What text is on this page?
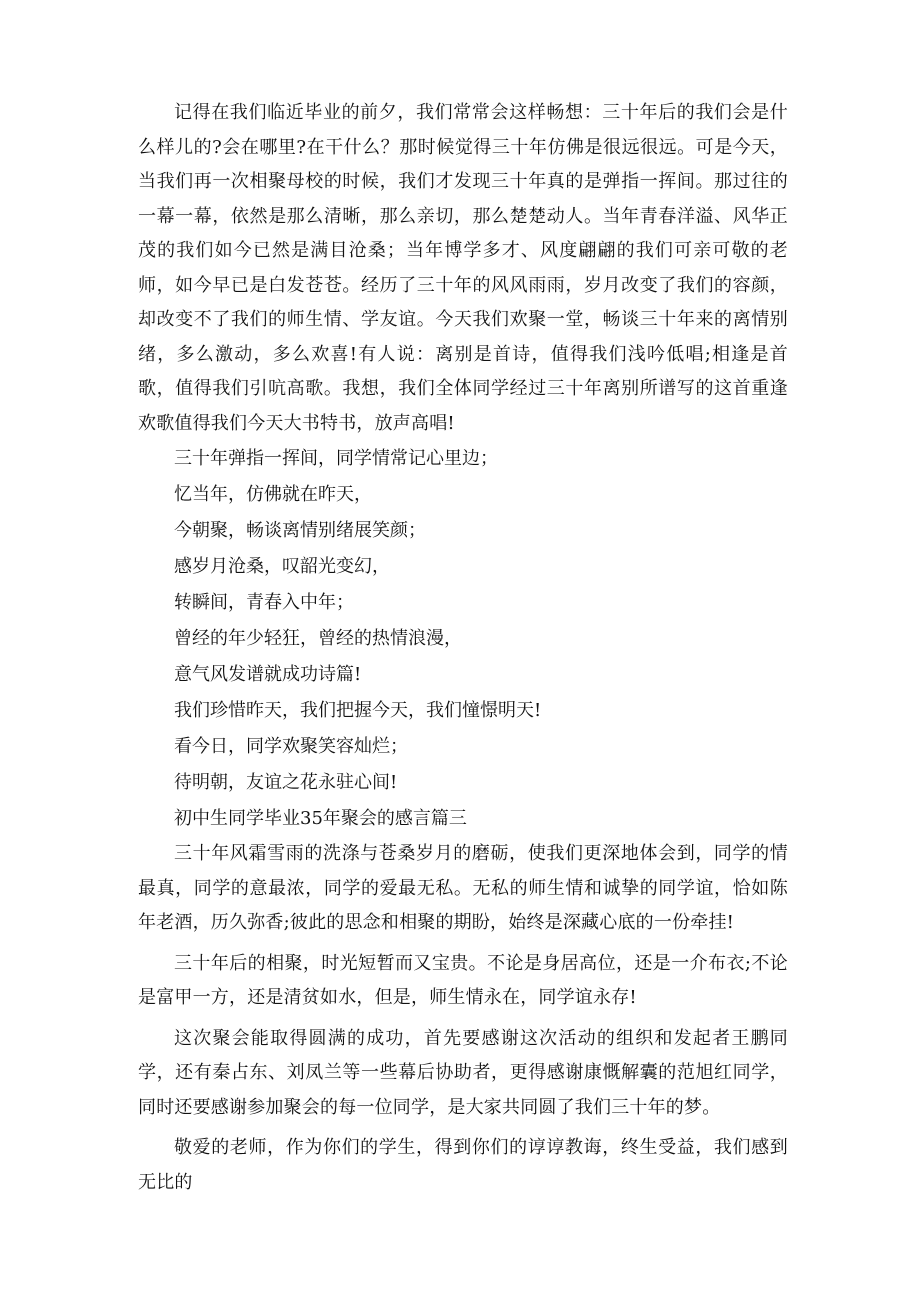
记得在我们临近毕业的前夕，我们常常会这样畅想：三十年后的我们会是什么样儿的?会在哪里?在干什么？那时候觉得三十年仿佛是很远很远。可是今天，当我们再一次相聚母校的时候，我们才发现三十年真的是弹指一挥间。那过往的一幕一幕，依然是那么清晰，那么亲切，那么楚楚动人。当年青春洋溢、风华正茂的我们如今已然是满目沧桑；当年博学多才、风度翩翩的我们可亲可敬的老师，如今早已是白发苍苍。经历了三十年的风风雨雨，岁月改变了我们的容颜，却改变不了我们的师生情、学友谊。今天我们欢聚一堂，畅谈三十年来的离情别绪，多么激动，多么欢喜!有人说：离别是首诗，值得我们浅吟低唱;相逢是首歌，值得我们引吭高歌。我想，我们全体同学经过三十年离别所谱写的这首重逢欢歌值得我们今天大书特书，放声高唱!

三十年弹指一挥间，同学情常记心里边；

忆当年，仿佛就在昨天，

今朝聚，畅谈离情别绪展笑颜；

感岁月沧桑，叹韶光变幻，

转瞬间，青春入中年；

曾经的年少轻狂，曾经的热情浪漫，

意气风发谱就成功诗篇!

我们珍惜昨天，我们把握今天，我们憧憬明天!

看今日，同学欢聚笑容灿烂；

待明朝，友谊之花永驻心间!

初中生同学毕业35年聚会的感言篇三

三十年风霜雪雨的洗涤与苍桑岁月的磨砺，使我们更深地体会到，同学的情最真，同学的意最浓，同学的爱最无私。无私的师生情和诚挚的同学谊，恰如陈年老酒，历久弥香;彼此的思念和相聚的期盼，始终是深藏心底的一份牵挂!

三十年后的相聚，时光短暂而又宝贵。不论是身居高位，还是一介布衣;不论是富甲一方，还是清贫如水，但是，师生情永在，同学谊永存!

这次聚会能取得圆满的成功，首先要感谢这次活动的组织和发起者王鹏同学，还有秦占东、刘凤兰等一些幕后协助者，更得感谢康慨解囊的范旭红同学，同时还要感谢参加聚会的每一位同学，是大家共同圆了我们三十年的梦。

敬爱的老师，作为你们的学生，得到你们的谆谆教诲，终生受益，我们感到无比的
